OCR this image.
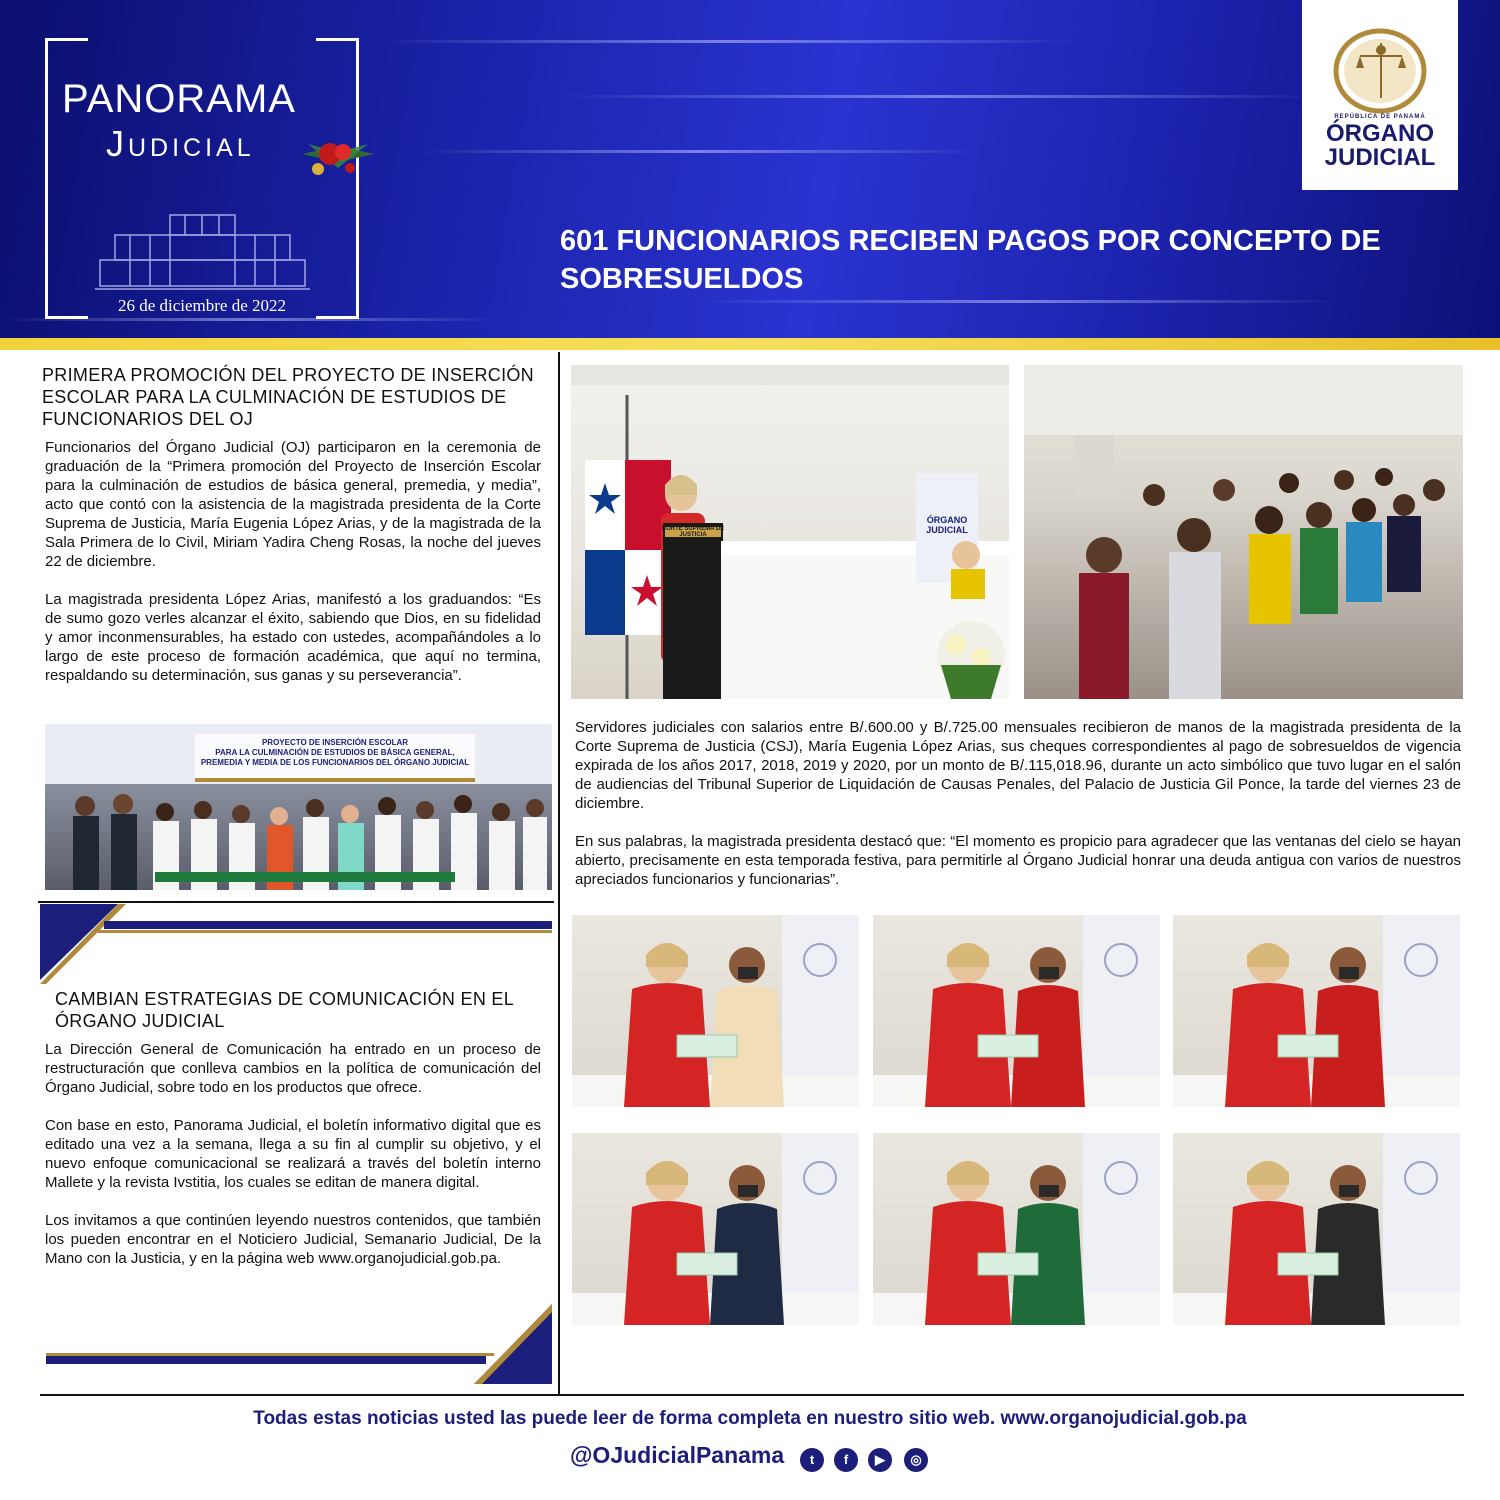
PANORAMA
Judicial
26 de diciembre de 2022
REPÚBLICA DE PANAMÁ
ÓRGANO
JUDICIAL
601 FUNCIONARIOS RECIBEN PAGOS POR CONCEPTO DE SOBRESUELDOS
PRIMERA PROMOCIÓN DEL PROYECTO DE INSERCIÓN ESCOLAR PARA LA CULMINACIÓN DE ESTUDIOS DE FUNCIONARIOS DEL OJ

Funcionarios del Órgano Judicial (OJ) participaron en la ceremonia de graduación de la “Primera promoción del Proyecto de Inserción Escolar para la culminación de estudios de básica general, premedia, y media”, acto que contó con la asistencia de la magistrada presidenta de la Corte Suprema de Justicia, María Eugenia López Arias, y de la magistrada de la Sala Primera de lo Civil, Miriam Yadira Cheng Rosas, la noche del jueves 22 de diciembre.

La magistrada presidenta López Arias, manifestó a los graduandos: “Es de sumo gozo verles alcanzar el éxito, sabiendo que Dios, en su fidelidad y amor inconmensurables, ha estado con ustedes, acompañándoles a lo largo de este proceso de formación académica, que aquí no termina, respaldando su determinación, sus ganas y su perseverancia”.

PROYECTO DE INSERCIÓN ESCOLAR
PARA LA CULMINACIÓN DE ESTUDIOS DE BÁSICA GENERAL,
PREMEDIA Y MEDIA DE LOS FUNCIONARIOS DEL ÓRGANO JUDICIAL
CAMBIAN ESTRATEGIAS DE COMUNICACIÓN EN EL ÓRGANO JUDICIAL

La Dirección General de Comunicación ha entrado en un proceso de restructuración que conlleva cambios en la política de comunicación del Órgano Judicial, sobre todo en los productos que ofrece.

Con base en esto, Panorama Judicial, el boletín informativo digital que es editado una vez a la semana, llega a su fin al cumplir su objetivo, y el nuevo enfoque comunicacional se realizará a través del boletín interno Mallete y la revista Ivstitia, los cuales se editan de manera digital.

Los invitamos a que continúen leyendo nuestros contenidos, que también los pueden encontrar en el Noticiero Judicial, Semanario Judicial, De la Mano con la Justicia, y en la página web www.organojudicial.gob.pa.

CORTE SUPREMA DE JUSTICIA
ÓRGANO JUDICIAL

Servidores judiciales con salarios entre B/.600.00 y B/.725.00 mensuales recibieron de manos de la magistrada presidenta de la Corte Suprema de Justicia (CSJ), María Eugenia López Arias, sus cheques correspondientes al pago de sobresueldos de vigencia expirada de los años 2017, 2018, 2019 y 2020, por un monto de B/.115,018.96, durante un acto simbólico que tuvo lugar en el salón de audiencias del Tribunal Superior de Liquidación de Causas Penales, del Palacio de Justicia Gil Ponce, la tarde del viernes 23 de diciembre.

En sus palabras, la magistrada presidenta destacó que: “El momento es propicio para agradecer que las ventanas del cielo se hayan abierto, precisamente en esta temporada festiva, para permitirle al Órgano Judicial honrar una deuda antigua con varios de nuestros apreciados funcionarios y funcionarias”.

Todas estas noticias usted las puede leer de forma completa en nuestro sitio web. www.organojudicial.gob.pa
@OJudicialPanama	t	f	▶	◎
